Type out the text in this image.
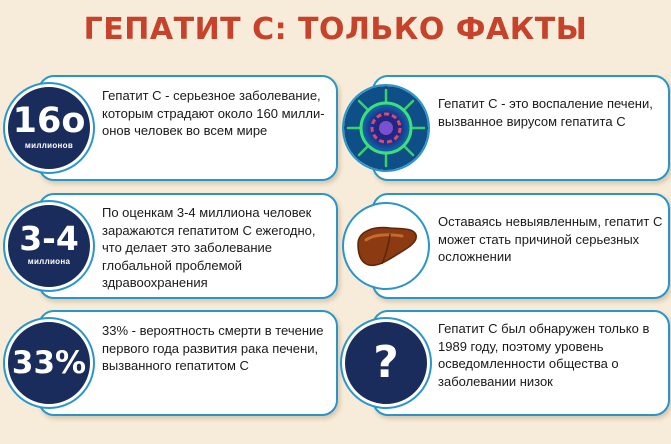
ГЕПАТИТ С: ТОЛЬКО ФАКТЫ
Гепатит С - серьезное заболевание, которым страдают около 160 милли-онов человек во всем мире
По оценкам 3-4 миллиона человек заражаются гепатитом С ежегодно, что делает это заболевание глобальной проблемой здравоохранения
33% - вероятность смерти в течение первого года развития рака печени, вызванного гепатитом С
16о
миллионов
3-4
миллиона
33%
Гепатит С - это воспаление печени, вызванное вирусом гепатита С
Оставаясь невыявленным, гепатит С может стать причиной серьезных осложнении
Гепатит С был обнаружен только в 1989 году, поэтому уровень осведомленности общества о заболевании низок
?
